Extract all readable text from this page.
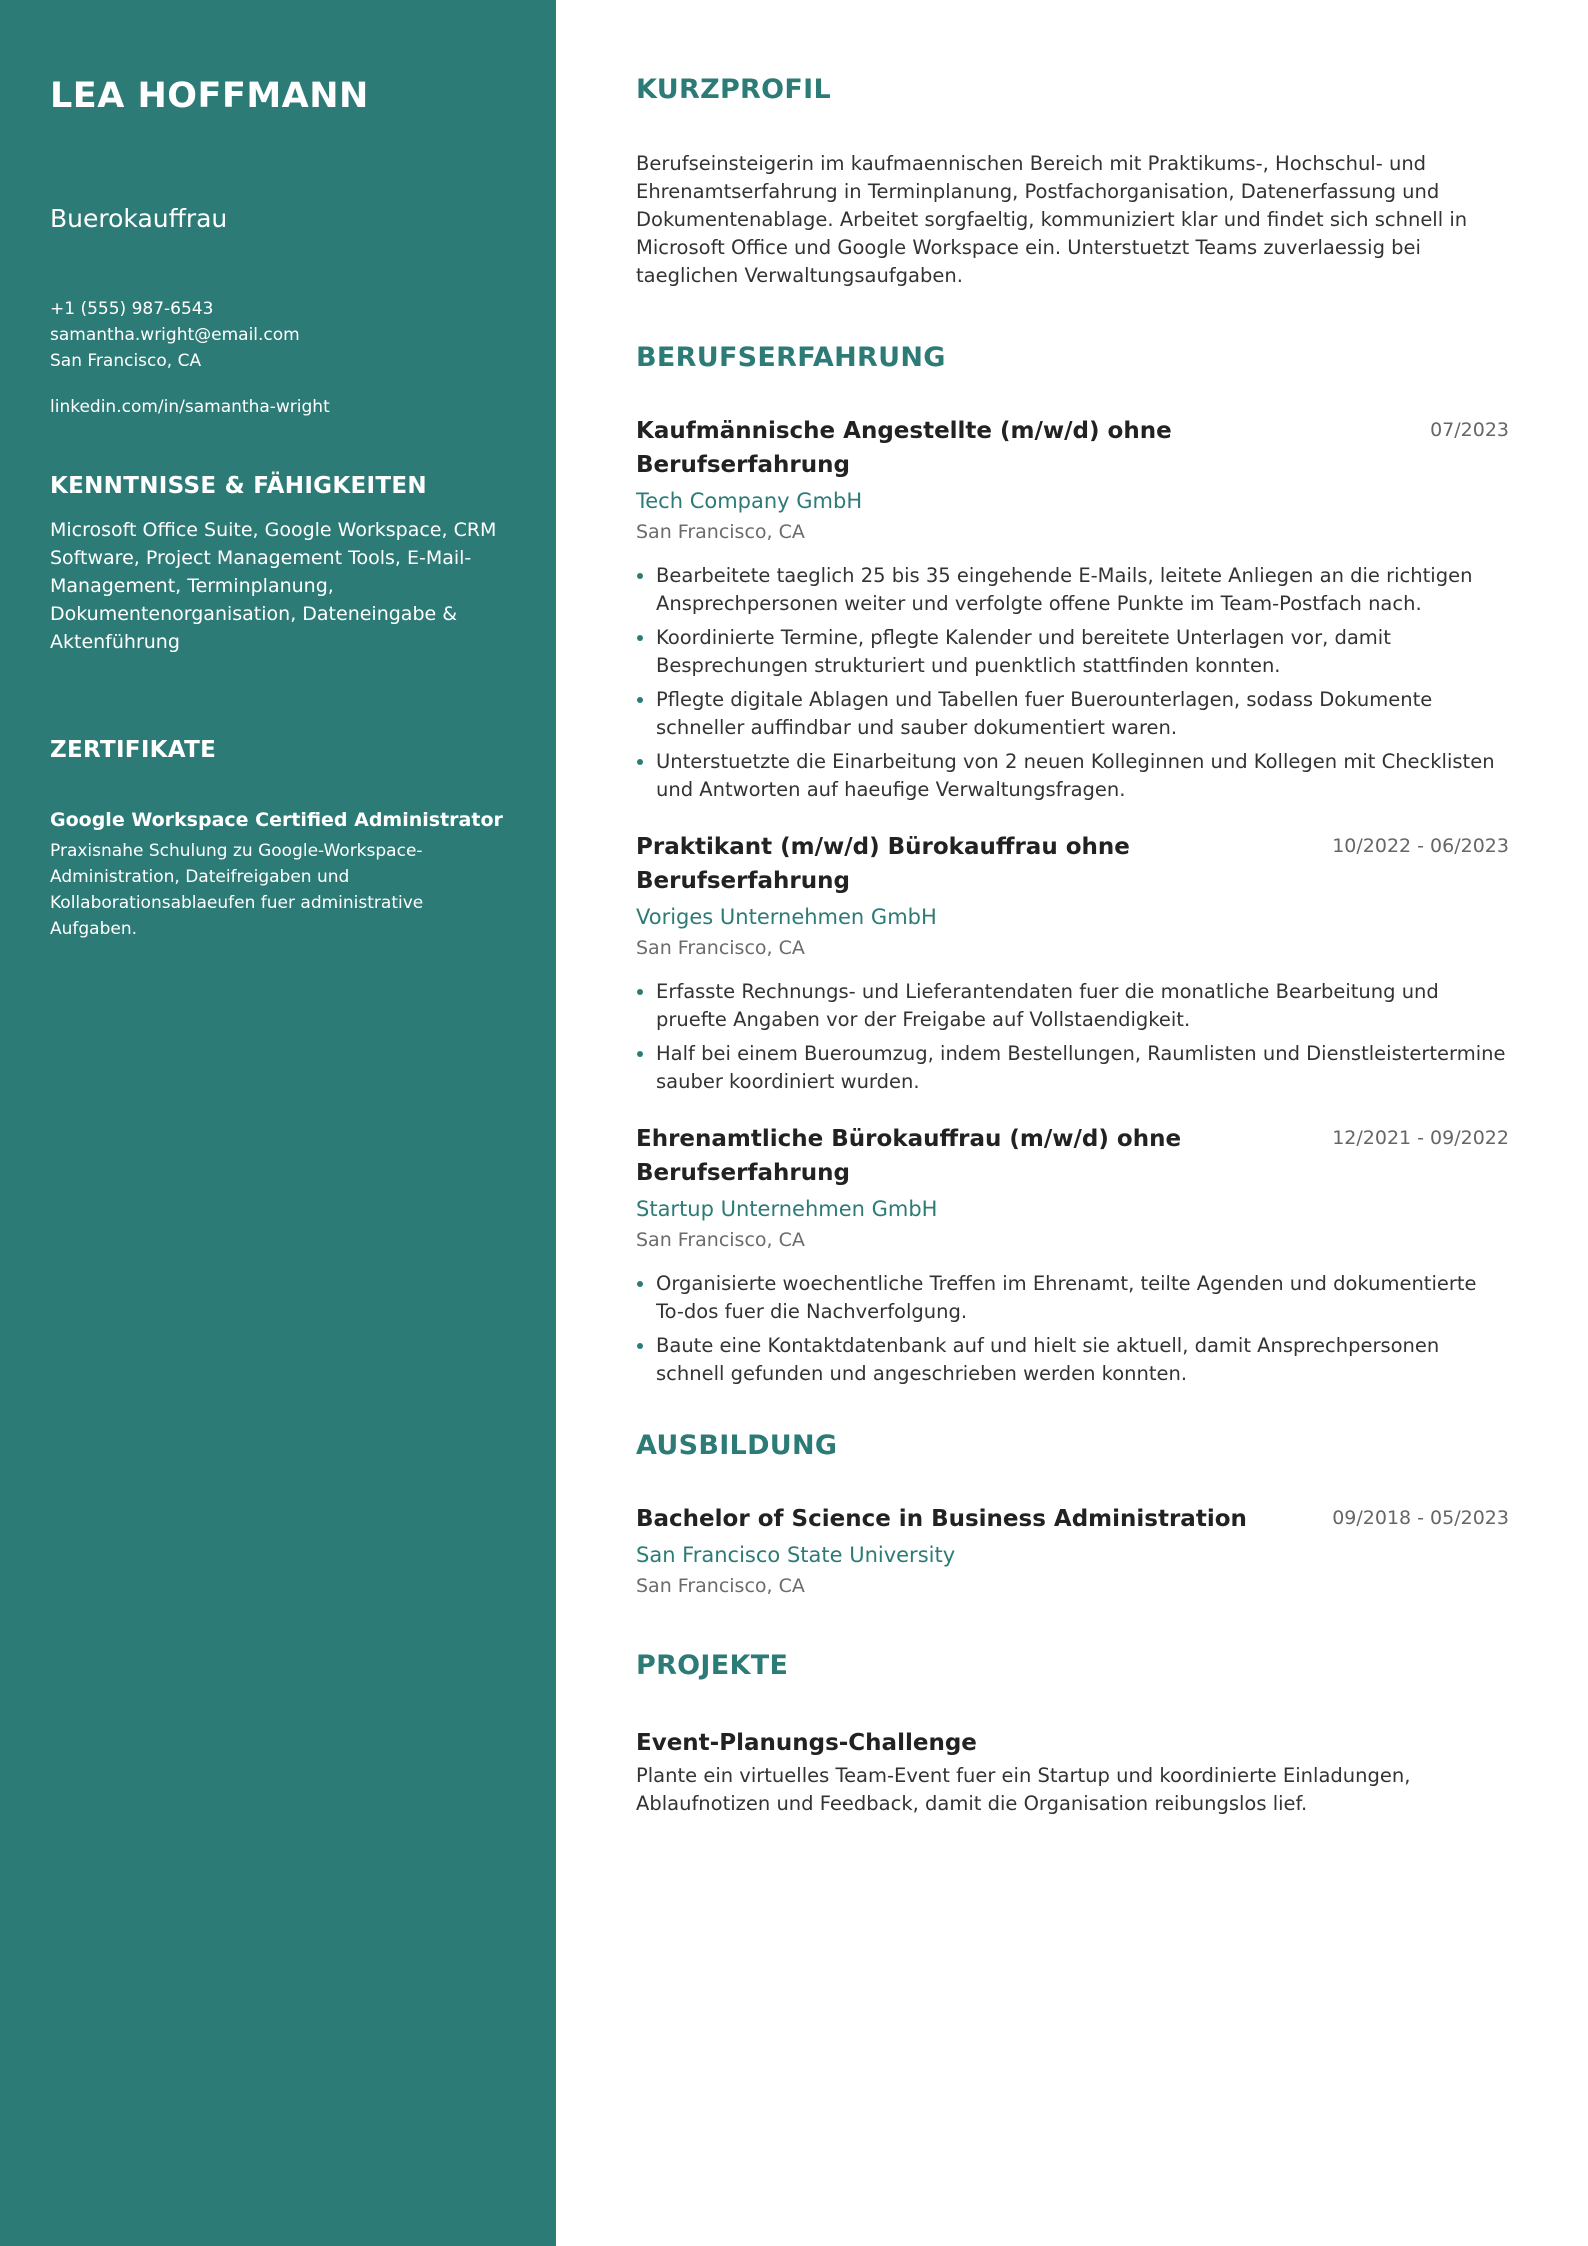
LEA HOFFMANN
Buerokauffrau
+1 (555) 987-6543
samantha.wright@email.com
San Francisco, CA
linkedin.com/in/samantha-wright
KENNTNISSE & FÄHIGKEITEN
Microsoft Office Suite, Google Workspace, CRM Software, Project Management Tools, E-Mail-Management, Terminplanung, Dokumentenorganisation, Dateneingabe & Aktenführung
ZERTIFIKATE
Google Workspace Certified Administrator
Praxisnahe Schulung zu Google-Workspace-Administration, Dateifreigaben und Kollaborationsablaeufen fuer administrative Aufgaben.
KURZPROFIL

Berufseinsteigerin im kaufmaennischen Bereich mit Praktikums-, Hochschul- und Ehrenamtserfahrung in Terminplanung, Postfachorganisation, Datenerfassung und Dokumentenablage. Arbeitet sorgfaeltig, kommuniziert klar und findet sich schnell in Microsoft Office und Google Workspace ein. Unterstuetzt Teams zuverlaessig bei taeglichen Verwaltungsaufgaben.

BERUFSERFAHRUNG
Kaufmännische Angestellte (m/w/d) ohne Berufserfahrung
07/2023
Tech Company GmbH
San Francisco, CA
Bearbeitete taeglich 25 bis 35 eingehende E-Mails, leitete Anliegen an die richtigen Ansprechpersonen weiter und verfolgte offene Punkte im Team-Postfach nach.
Koordinierte Termine, pflegte Kalender und bereitete Unterlagen vor, damit Besprechungen strukturiert und puenktlich stattfinden konnten.
Pflegte digitale Ablagen und Tabellen fuer Buerounterlagen, sodass Dokumente schneller auffindbar und sauber dokumentiert waren.
Unterstuetzte die Einarbeitung von 2 neuen Kolleginnen und Kollegen mit Checklisten und Antworten auf haeufige Verwaltungsfragen.
Praktikant (m/w/d) Bürokauffrau ohne Berufserfahrung
10/2022 - 06/2023
Voriges Unternehmen GmbH
San Francisco, CA
Erfasste Rechnungs- und Lieferantendaten fuer die monatliche Bearbeitung und pruefte Angaben vor der Freigabe auf Vollstaendigkeit.
Half bei einem Bueroumzug, indem Bestellungen, Raumlisten und Dienstleistertermine sauber koordiniert wurden.
Ehrenamtliche Bürokauffrau (m/w/d) ohne Berufserfahrung
12/2021 - 09/2022
Startup Unternehmen GmbH
San Francisco, CA
Organisierte woechentliche Treffen im Ehrenamt, teilte Agenden und dokumentierte To-dos fuer die Nachverfolgung.
Baute eine Kontaktdatenbank auf und hielt sie aktuell, damit Ansprechpersonen schnell gefunden und angeschrieben werden konnten.
AUSBILDUNG
Bachelor of Science in Business Administration	09/2018 - 05/2023
San Francisco State University
San Francisco, CA
PROJEKTE
Event-Planungs-Challenge
Plante ein virtuelles Team-Event fuer ein Startup und koordinierte Einladungen, Ablaufnotizen und Feedback, damit die Organisation reibungslos lief.
